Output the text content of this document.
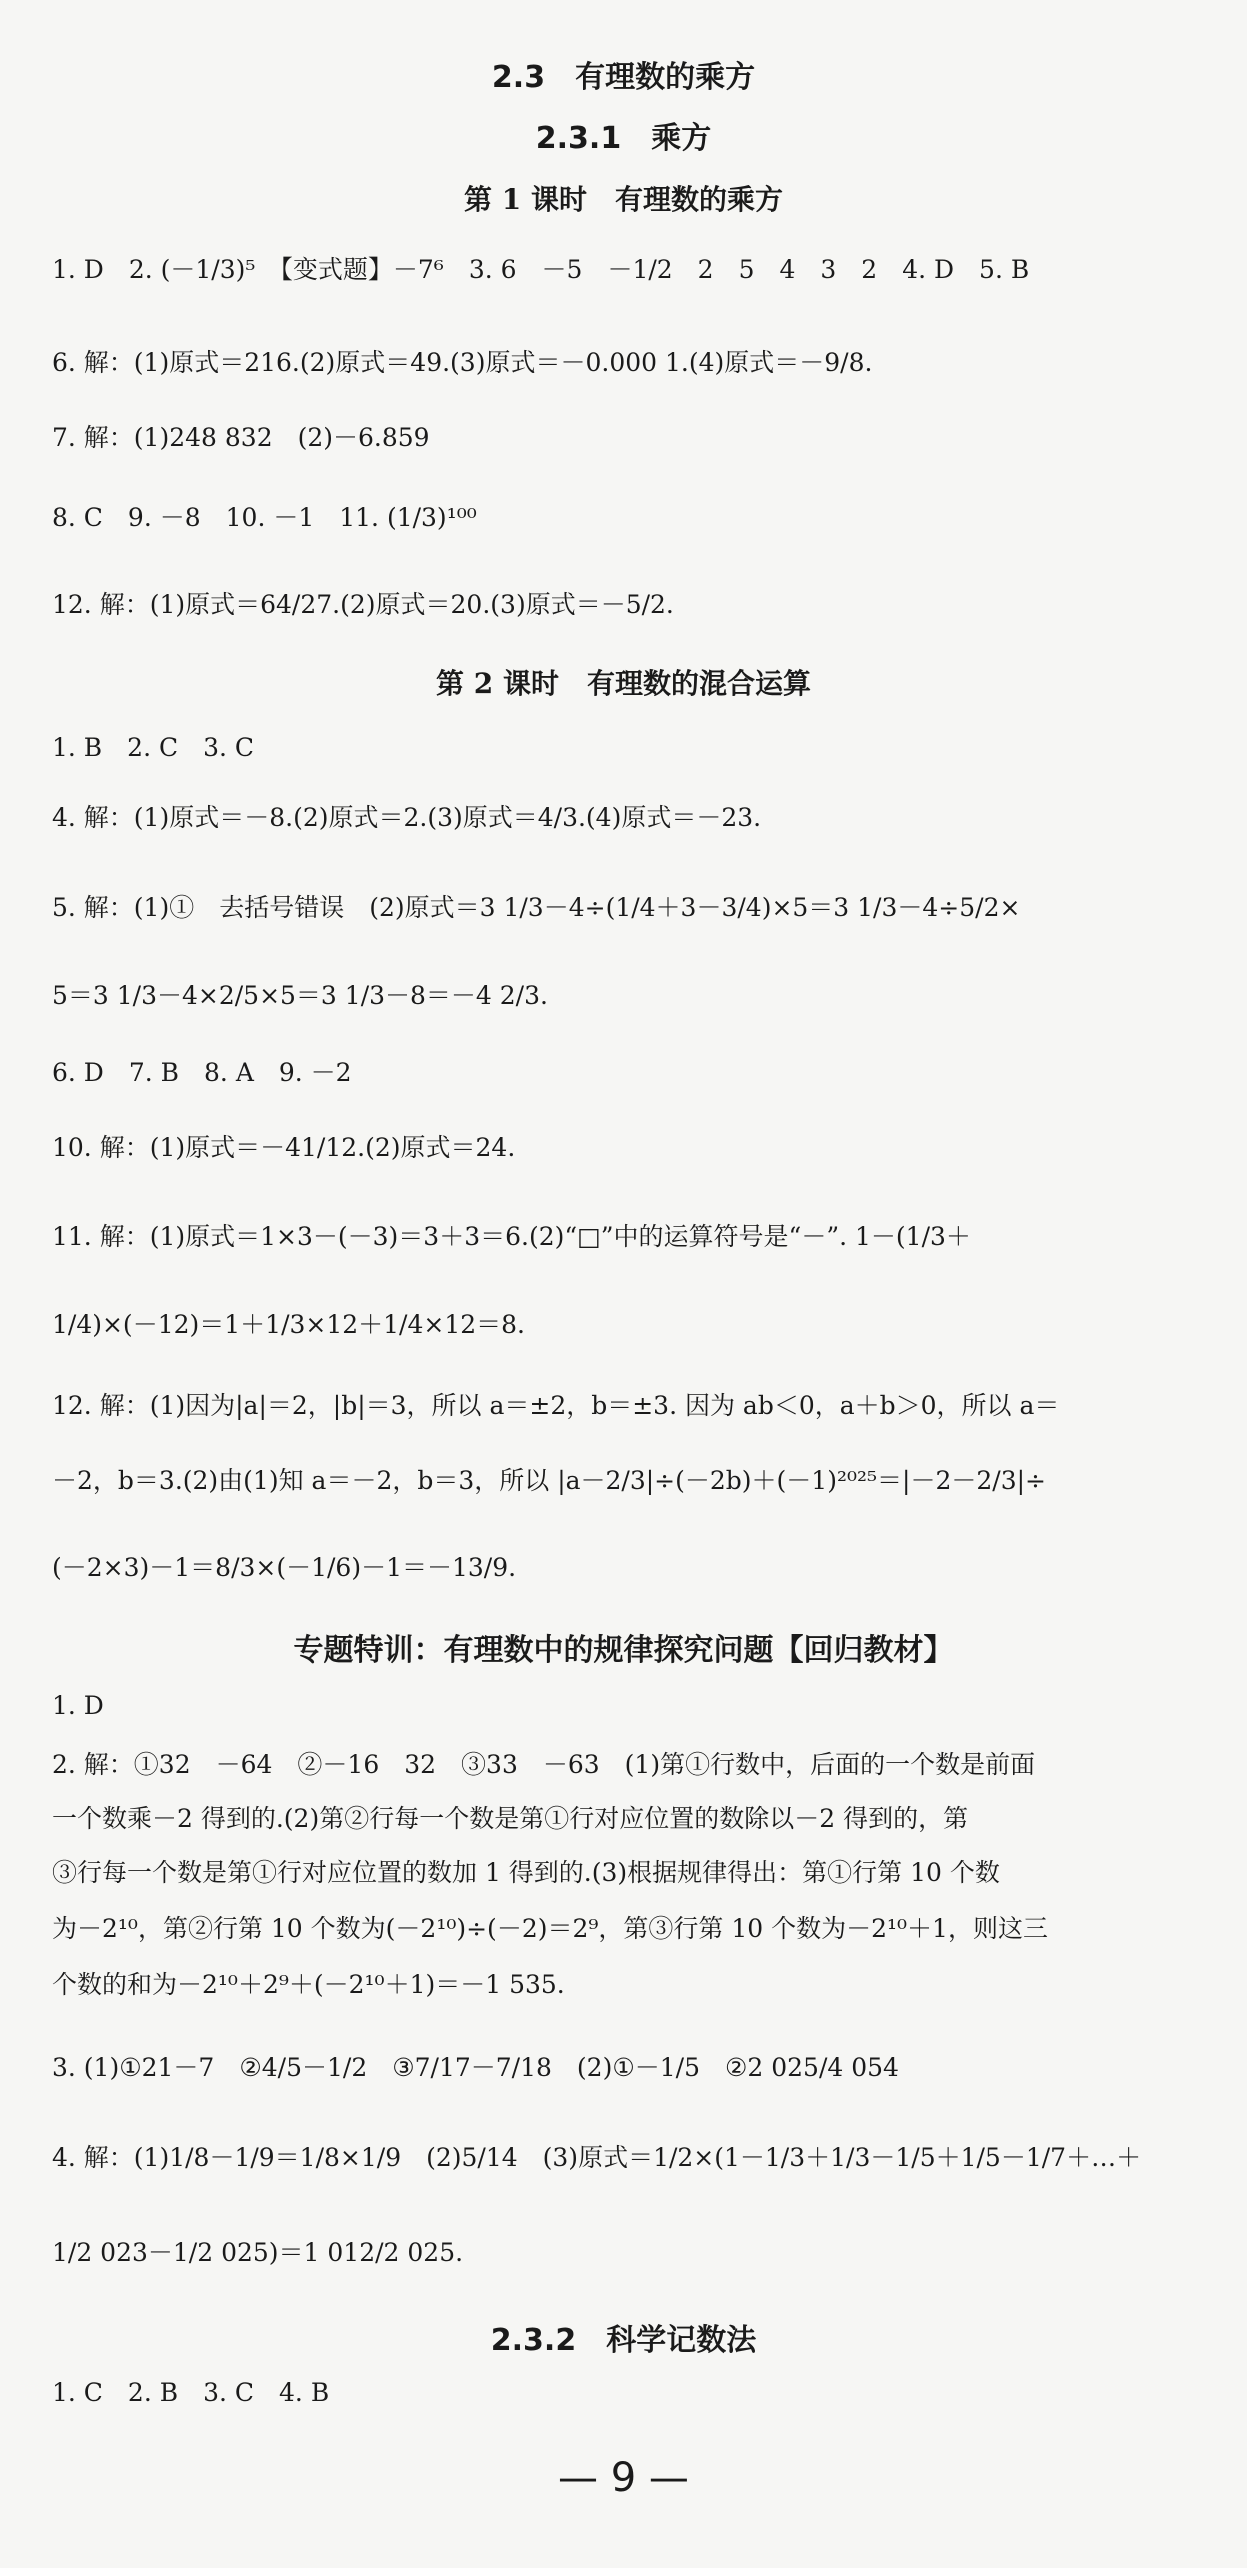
2.3　有理数的乘方
2.3.1　乘方
第 1 课时　有理数的乘方
1. D　2. (－1/3)⁵　【变式题】－7⁶　3. 6　－5　－1/2　2　5　4　3　2　4. D　5. B
6. 解：(1)原式＝216.(2)原式＝49.(3)原式＝－0.000 1.(4)原式＝－9/8.
7. 解：(1)248 832　(2)－6.859
8. C　9. －8　10. －1　11. (1/3)¹⁰⁰
12. 解：(1)原式＝64/27.(2)原式＝20.(3)原式＝－5/2.
第 2 课时　有理数的混合运算
1. B　2. C　3. C
4. 解：(1)原式＝－8.(2)原式＝2.(3)原式＝4/3.(4)原式＝－23.
5. 解：(1)①　去括号错误　(2)原式＝3 1/3－4÷(1/4＋3－3/4)×5＝3 1/3－4÷5/2×
5＝3 1/3－4×2/5×5＝3 1/3－8＝－4 2/3.
6. D　7. B　8. A　9. －2
10. 解：(1)原式＝－41/12.(2)原式＝24.
11. 解：(1)原式＝1×3－(－3)＝3＋3＝6.(2)“□”中的运算符号是“－”. 1－(1/3＋
1/4)×(－12)＝1＋1/3×12＋1/4×12＝8.
12. 解：(1)因为|a|＝2，|b|＝3，所以 a＝±2，b＝±3. 因为 ab＜0，a＋b＞0，所以 a＝
－2，b＝3.(2)由(1)知 a＝－2，b＝3，所以 |a－2/3|÷(－2b)＋(－1)²⁰²⁵＝|－2－2/3|÷
(－2×3)－1＝8/3×(－1/6)－1＝－13/9.
专题特训：有理数中的规律探究问题【回归教材】
1. D
2. 解：①32　－64　②－16　32　③33　－63　(1)第①行数中，后面的一个数是前面
一个数乘－2 得到的.(2)第②行每一个数是第①行对应位置的数除以－2 得到的，第
③行每一个数是第①行对应位置的数加 1 得到的.(3)根据规律得出：第①行第 10 个数
为－2¹⁰，第②行第 10 个数为(－2¹⁰)÷(－2)＝2⁹，第③行第 10 个数为－2¹⁰＋1，则这三
个数的和为－2¹⁰＋2⁹＋(－2¹⁰＋1)＝－1 535.
3. (1)①21－7　②4/5－1/2　③7/17－7/18　(2)①－1/5　②2 025/4 054
4. 解：(1)1/8－1/9＝1/8×1/9　(2)5/14　(3)原式＝1/2×(1－1/3＋1/3－1/5＋1/5－1/7＋…＋
1/2 023－1/2 025)＝1 012/2 025.
2.3.2　科学记数法
1. C　2. B　3. C　4. B
— 9 —
